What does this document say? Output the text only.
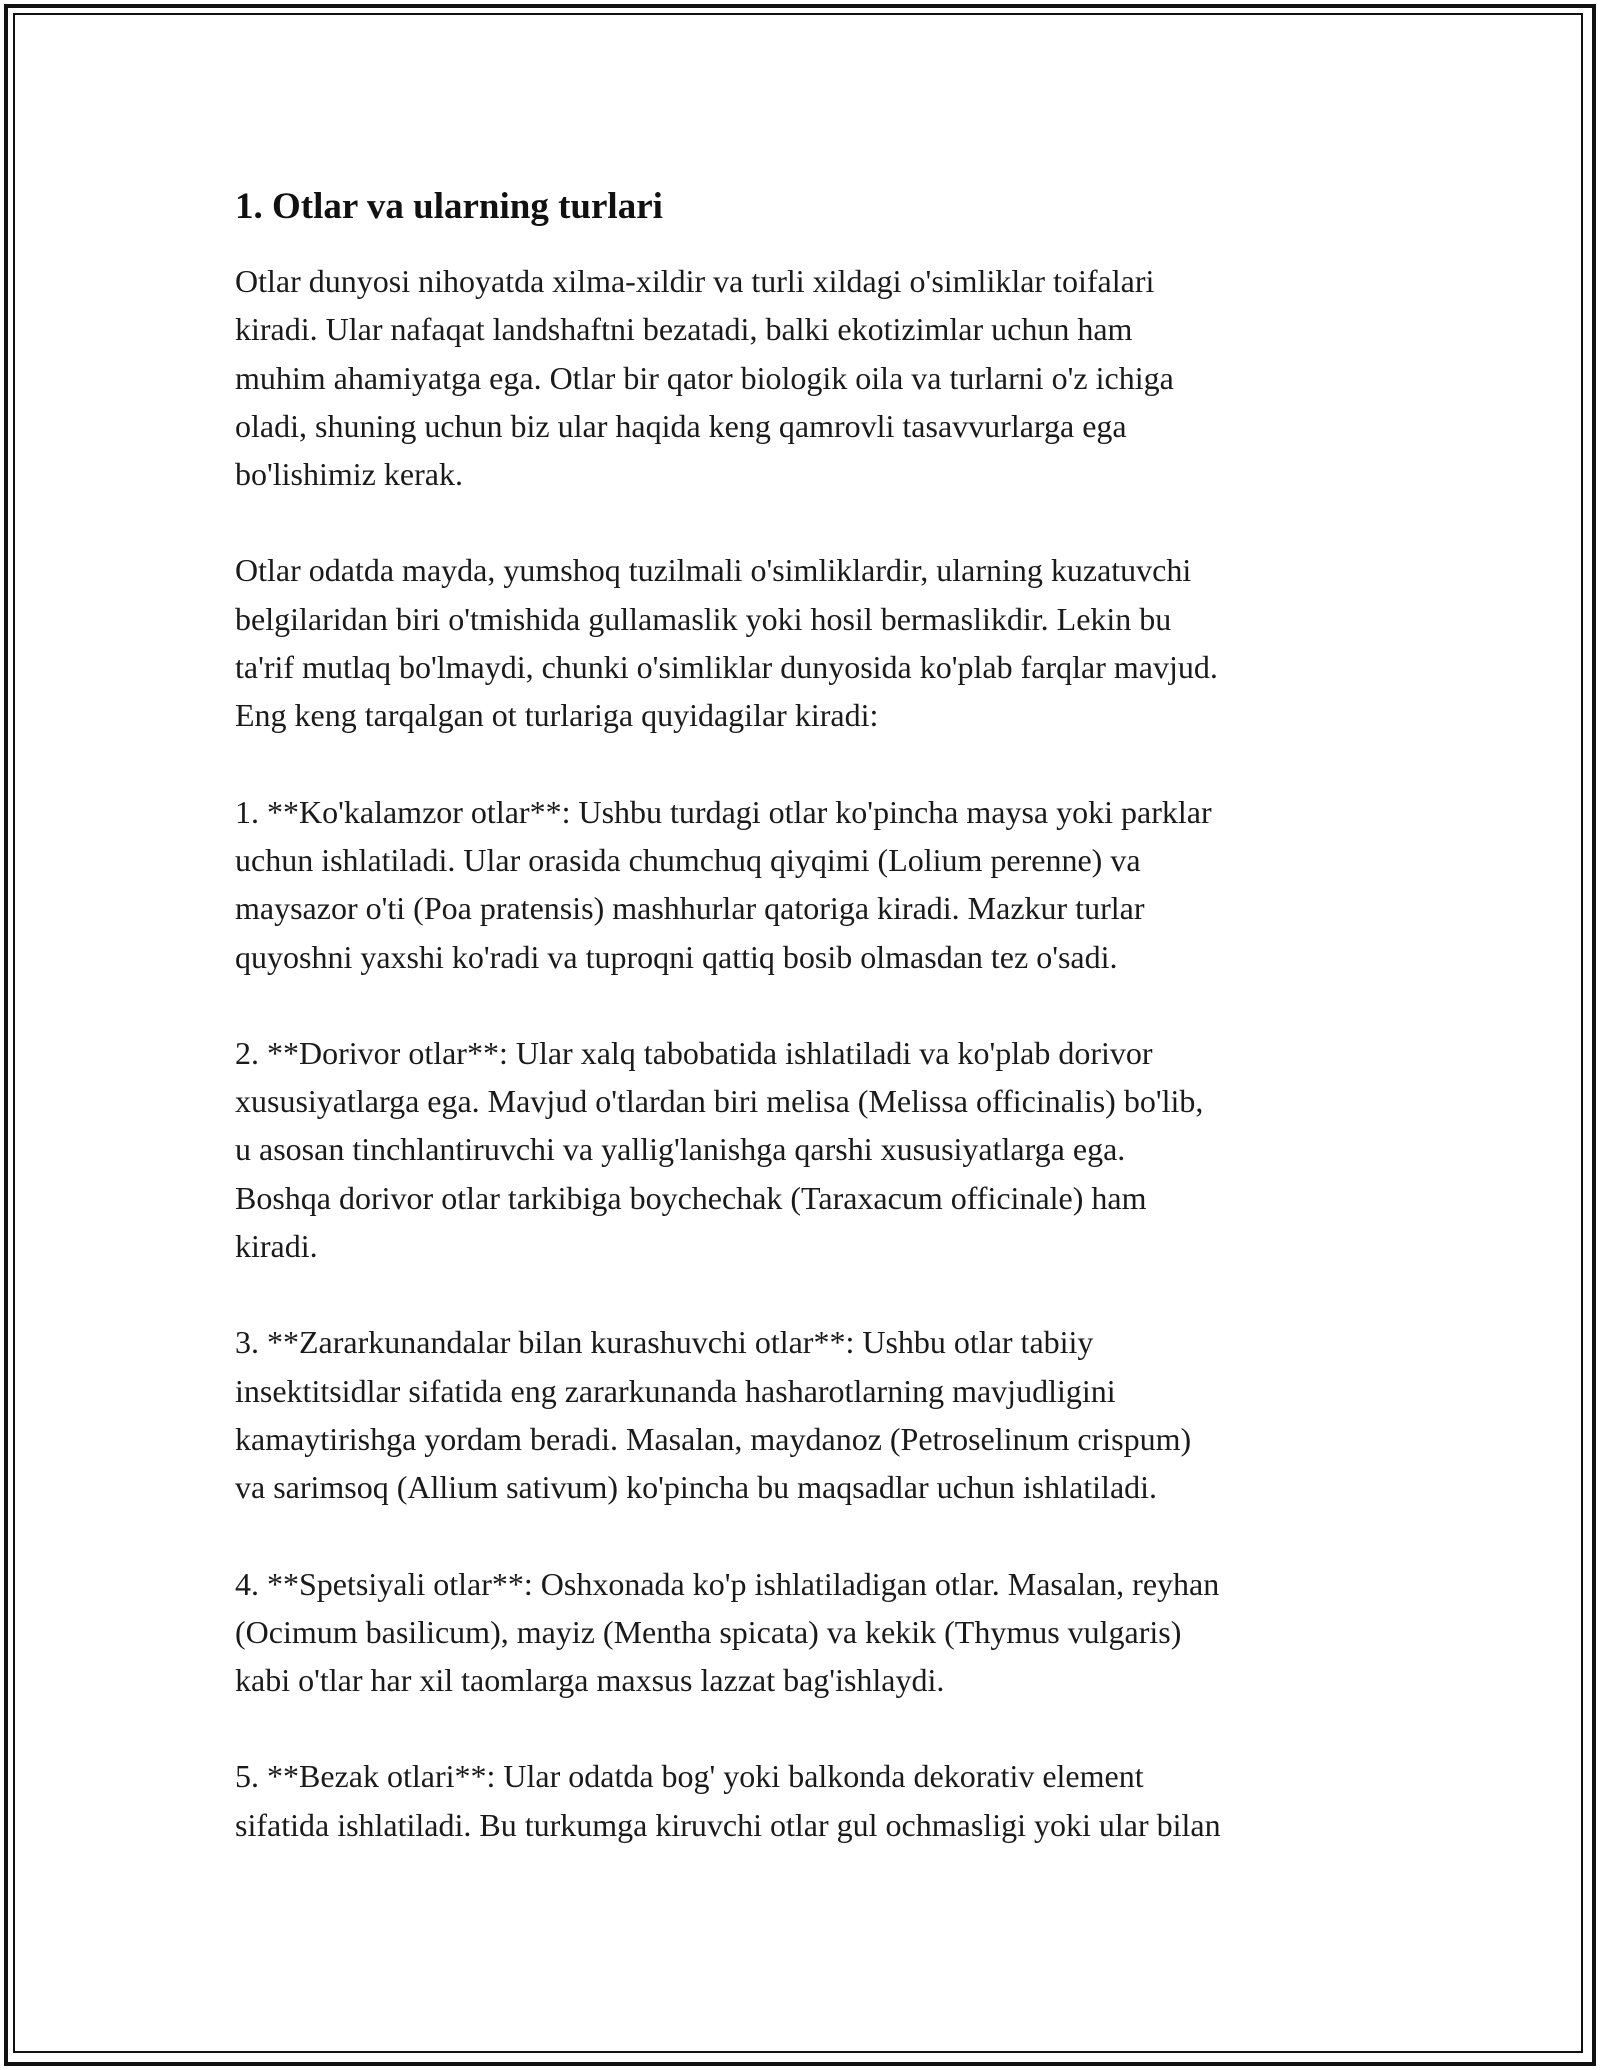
1. Otlar va ularning turlari

Otlar dunyosi nihoyatda xilma-xildir va turli xildagi o'simliklar toifalari
kiradi. Ular nafaqat landshaftni bezatadi, balki ekotizimlar uchun ham
muhim ahamiyatga ega. Otlar bir qator biologik oila va turlarni o'z ichiga
oladi, shuning uchun biz ular haqida keng qamrovli tasavvurlarga ega
bo'lishimiz kerak.

Otlar odatda mayda, yumshoq tuzilmali o'simliklardir, ularning kuzatuvchi
belgilaridan biri o'tmishida gullamaslik yoki hosil bermaslikdir. Lekin bu
ta'rif mutlaq bo'lmaydi, chunki o'simliklar dunyosida ko'plab farqlar mavjud.
Eng keng tarqalgan ot turlariga quyidagilar kiradi:

1. **Ko'kalamzor otlar**: Ushbu turdagi otlar ko'pincha maysa yoki parklar
uchun ishlatiladi. Ular orasida chumchuq qiyqimi (Lolium perenne) va
maysazor o'ti (Poa pratensis) mashhurlar qatoriga kiradi. Mazkur turlar
quyoshni yaxshi ko'radi va tuproqni qattiq bosib olmasdan tez o'sadi.

2. **Dorivor otlar**: Ular xalq tabobatida ishlatiladi va ko'plab dorivor
xususiyatlarga ega. Mavjud o'tlardan biri melisa (Melissa officinalis) bo'lib,
u asosan tinchlantiruvchi va yallig'lanishga qarshi xususiyatlarga ega.
Boshqa dorivor otlar tarkibiga boychechak (Taraxacum officinale) ham
kiradi.

3. **Zararkunandalar bilan kurashuvchi otlar**: Ushbu otlar tabiiy
insektitsidlar sifatida eng zararkunanda hasharotlarning mavjudligini
kamaytirishga yordam beradi. Masalan, maydanoz (Petroselinum crispum)
va sarimsoq (Allium sativum) ko'pincha bu maqsadlar uchun ishlatiladi.

4. **Spetsiyali otlar**: Oshxonada ko'p ishlatiladigan otlar. Masalan, reyhan
(Ocimum basilicum), mayiz (Mentha spicata) va kekik (Thymus vulgaris)
kabi o'tlar har xil taomlarga maxsus lazzat bag'ishlaydi.

5. **Bezak otlari**: Ular odatda bog' yoki balkonda dekorativ element
sifatida ishlatiladi. Bu turkumga kiruvchi otlar gul ochmasligi yoki ular bilan
